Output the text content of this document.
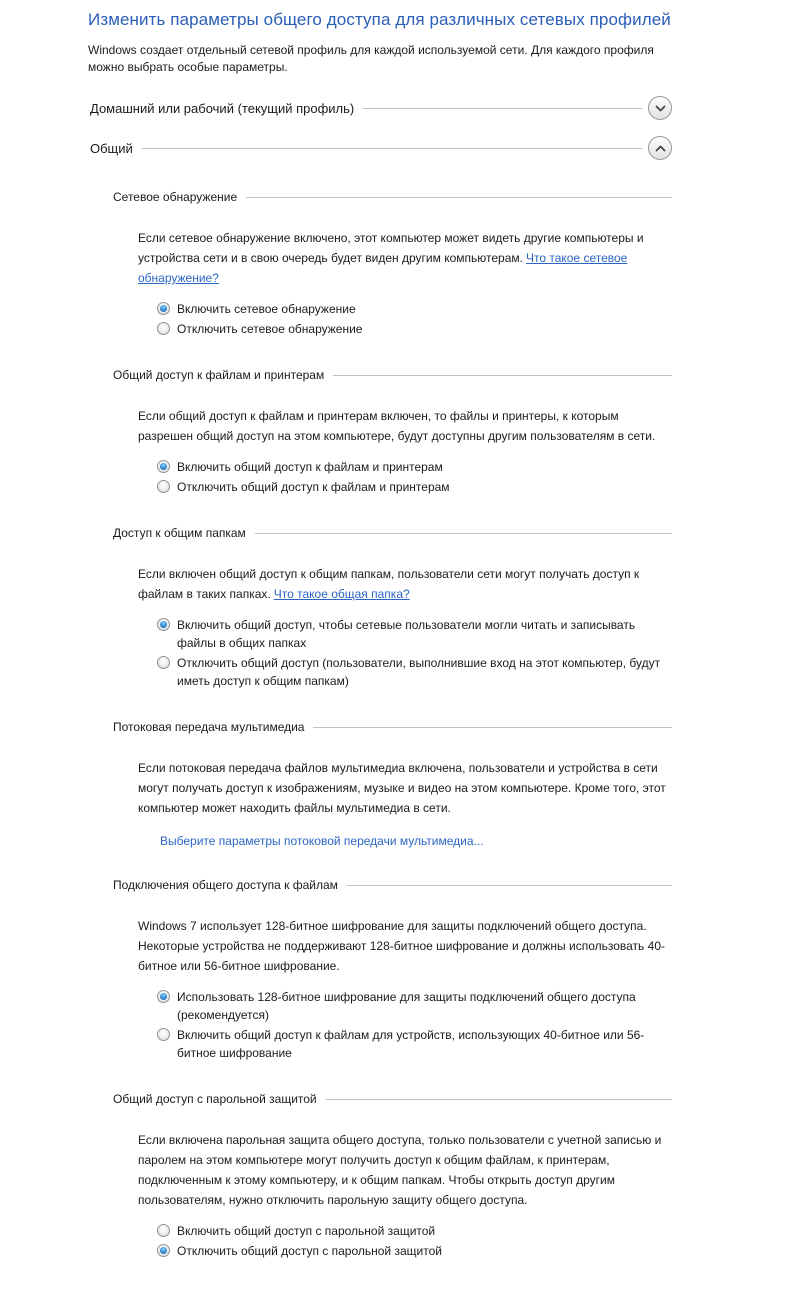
Изменить параметры общего доступа для различных сетевых профилей

Windows создает отдельный сетевой профиль для каждой используемой сети. Для каждого профиля можно выбрать особые параметры.

Домашний или рабочий (текущий профиль)
Общий
Сетевое обнаружение

Если сетевое обнаружение включено, этот компьютер может видеть другие компьютеры и устройства сети и в свою очередь будет виден другим компьютерам. Что такое сетевое обнаружение?

Включить сетевое обнаружение
Отключить сетевое обнаружение
Общий доступ к файлам и принтерам

Если общий доступ к файлам и принтерам включен, то файлы и принтеры, к которым разрешен общий доступ на этом компьютере, будут доступны другим пользователям в сети.

Включить общий доступ к файлам и принтерам
Отключить общий доступ к файлам и принтерам
Доступ к общим папкам

Если включен общий доступ к общим папкам, пользователи сети могут получать доступ к файлам в таких папках. Что такое общая папка?

Включить общий доступ, чтобы сетевые пользователи могли читать и записывать файлы в общих папках
Отключить общий доступ (пользователи, выполнившие вход на этот компьютер, будут иметь доступ к общим папкам)
Потоковая передача мультимедиа

Если потоковая передача файлов мультимедиа включена, пользователи и устройства в сети могут получать доступ к изображениям, музыке и видео на этом компьютере. Кроме того, этот компьютер может находить файлы мультимедиа в сети.

Выберите параметры потоковой передачи мультимедиа...
Подключения общего доступа к файлам

Windows 7 использует 128-битное шифрование для защиты подключений общего доступа. Некоторые устройства не поддерживают 128-битное шифрование и должны использовать 40-битное или 56-битное шифрование.

Использовать 128-битное шифрование для защиты подключений общего доступа (рекомендуется)
Включить общий доступ к файлам для устройств, использующих 40-битное или 56-битное шифрование
Общий доступ с парольной защитой

Если включена парольная защита общего доступа, только пользователи с учетной записью и паролем на этом компьютере могут получить доступ к общим файлам, к принтерам, подключенным к этому компьютеру, и к общим папкам. Чтобы открыть доступ другим пользователям, нужно отключить парольную защиту общего доступа.

Включить общий доступ с парольной защитой
Отключить общий доступ с парольной защитой
